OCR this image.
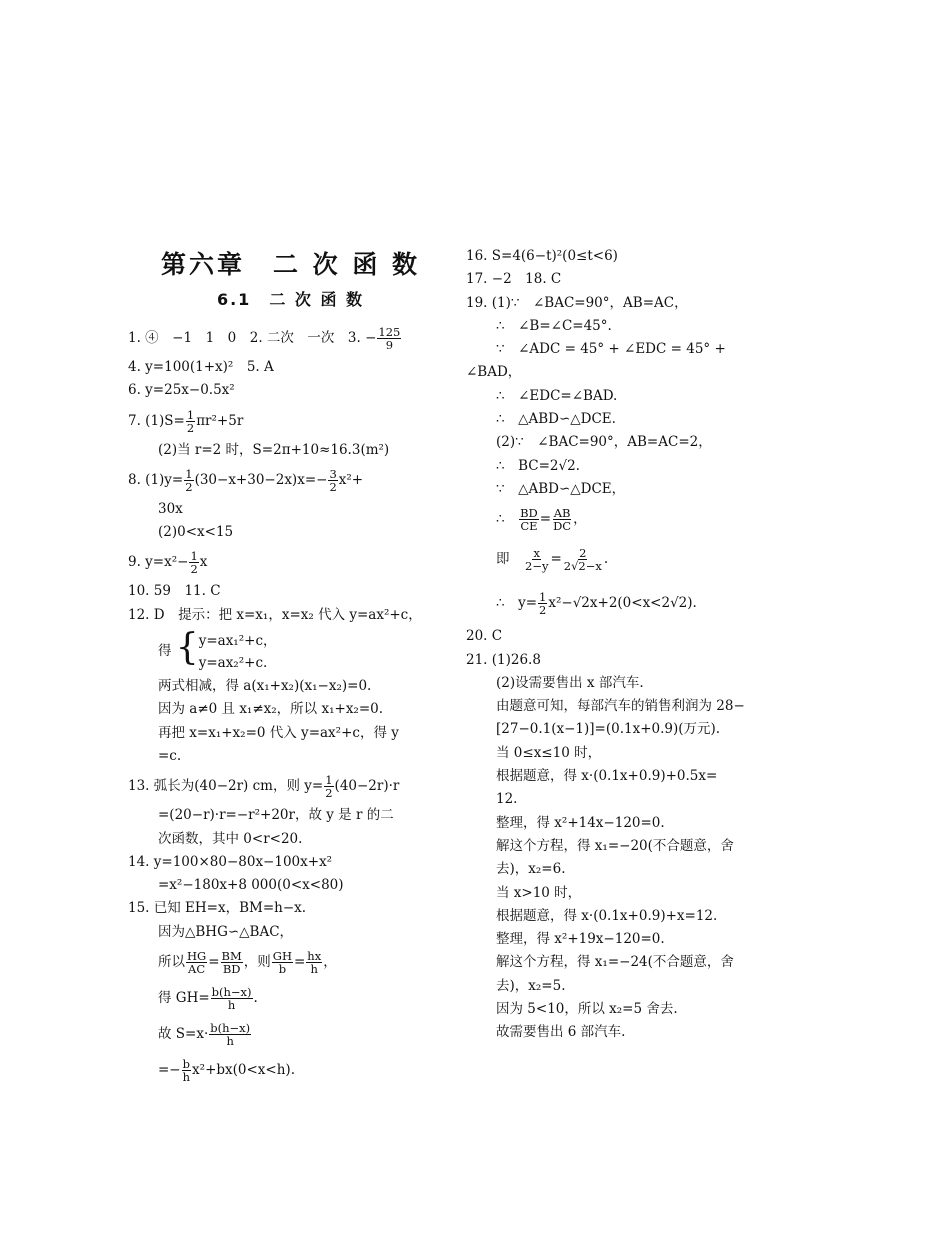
第六章　二 次 函 数
6.1　二 次 函 数
1. ④　−1　1　0　2. 二次　一次　3. − $\frac{125}{9}$
4. y=100(1+x)²　5. A
6. y=25x−0.5x²
7. $(1)S= \frac{1}{2} \pi r^2+5r$
(2)当 r=2 时，S=2π+10≈16.3(m²)
8. $(1)y= \frac{1}{2} (30-x+30-2x)x=- \frac{3}{2} x^2+$
30x
(2)0<x<15
9. $y=x^2- \frac{1}{2}$ x
10. 59　11. C
12. D　提示：把 x=x₁，x=x₂ 代入 y=ax²+c，
得 { y=ax₁²+c，
y=ax₂²+c.
两式相减，得 a(x₁+x₂)(x₁−x₂)=0.
因为 a≠0 且 x₁≠x₂，所以 x₁+x₂=0.
再把 x=x₁+x₂=0 代入 y=ax²+c，得 y
=c.
13. 弧长为(40−2r) cm，则 $y= \frac{1}{2} (40-2r)\cdot r$
=(20−r)·r=−r²+20r，故 y 是 r 的二
次函数，其中 0<r<20.
14. y=100×80−80x−100x+x²
=x²−180x+8 000(0<x<80)
15. 已知 EH=x，BM=h−x.
因为△BHG∽△BAC，
所以 $\frac{HG}{AC} = \frac{BM}{BD}$ ，则 $\frac{GH}{b} = \frac{hx}{h}$ ，
得 $GH= \frac{b(h-x)}{h}$ .
故 $S=x\cdot \frac{b(h-x)}{h}$
=− $\frac{b}{h} x^2+bx(0<x<h)$.
16. S=4(6−t)²(0≤t<6)
17. −2　18. C
19. (1)∵　∠BAC=90°，AB=AC，
∴　∠B=∠C=45°.
∵　∠ADC = 45° + ∠EDC = 45° +
∠BAD，
∴　∠EDC=∠BAD.
∴　△ABD∽△DCE.
(2)∵　∠BAC=90°，AB=AC=2，
∴　BC=2√2.
∵　△ABD∽△DCE，
∴　 $\frac{BD}{CE} = \frac{AB}{DC}$ ，
即　 $\frac{x}{2-y} = \frac{2}{2√2-x}$ .
∴　$y= \frac{1}{2} x^2-√2x+2(0<x<2√2)$.
20. C
21. (1)26.8
(2)设需要售出 x 部汽车.
由题意可知，每部汽车的销售利润为 28−
[27−0.1(x−1)]=(0.1x+0.9)(万元).
当 0≤x≤10 时，
根据题意，得 x·(0.1x+0.9)+0.5x=
12.
整理，得 x²+14x−120=0.
解这个方程，得 x₁=−20(不合题意，舍
去)，x₂=6.
当 x>10 时，
根据题意，得 x·(0.1x+0.9)+x=12.
整理，得 x²+19x−120=0.
解这个方程，得 x₁=−24(不合题意，舍
去)，x₂=5.
因为 5<10，所以 x₂=5 舍去.
故需要售出 6 部汽车.
